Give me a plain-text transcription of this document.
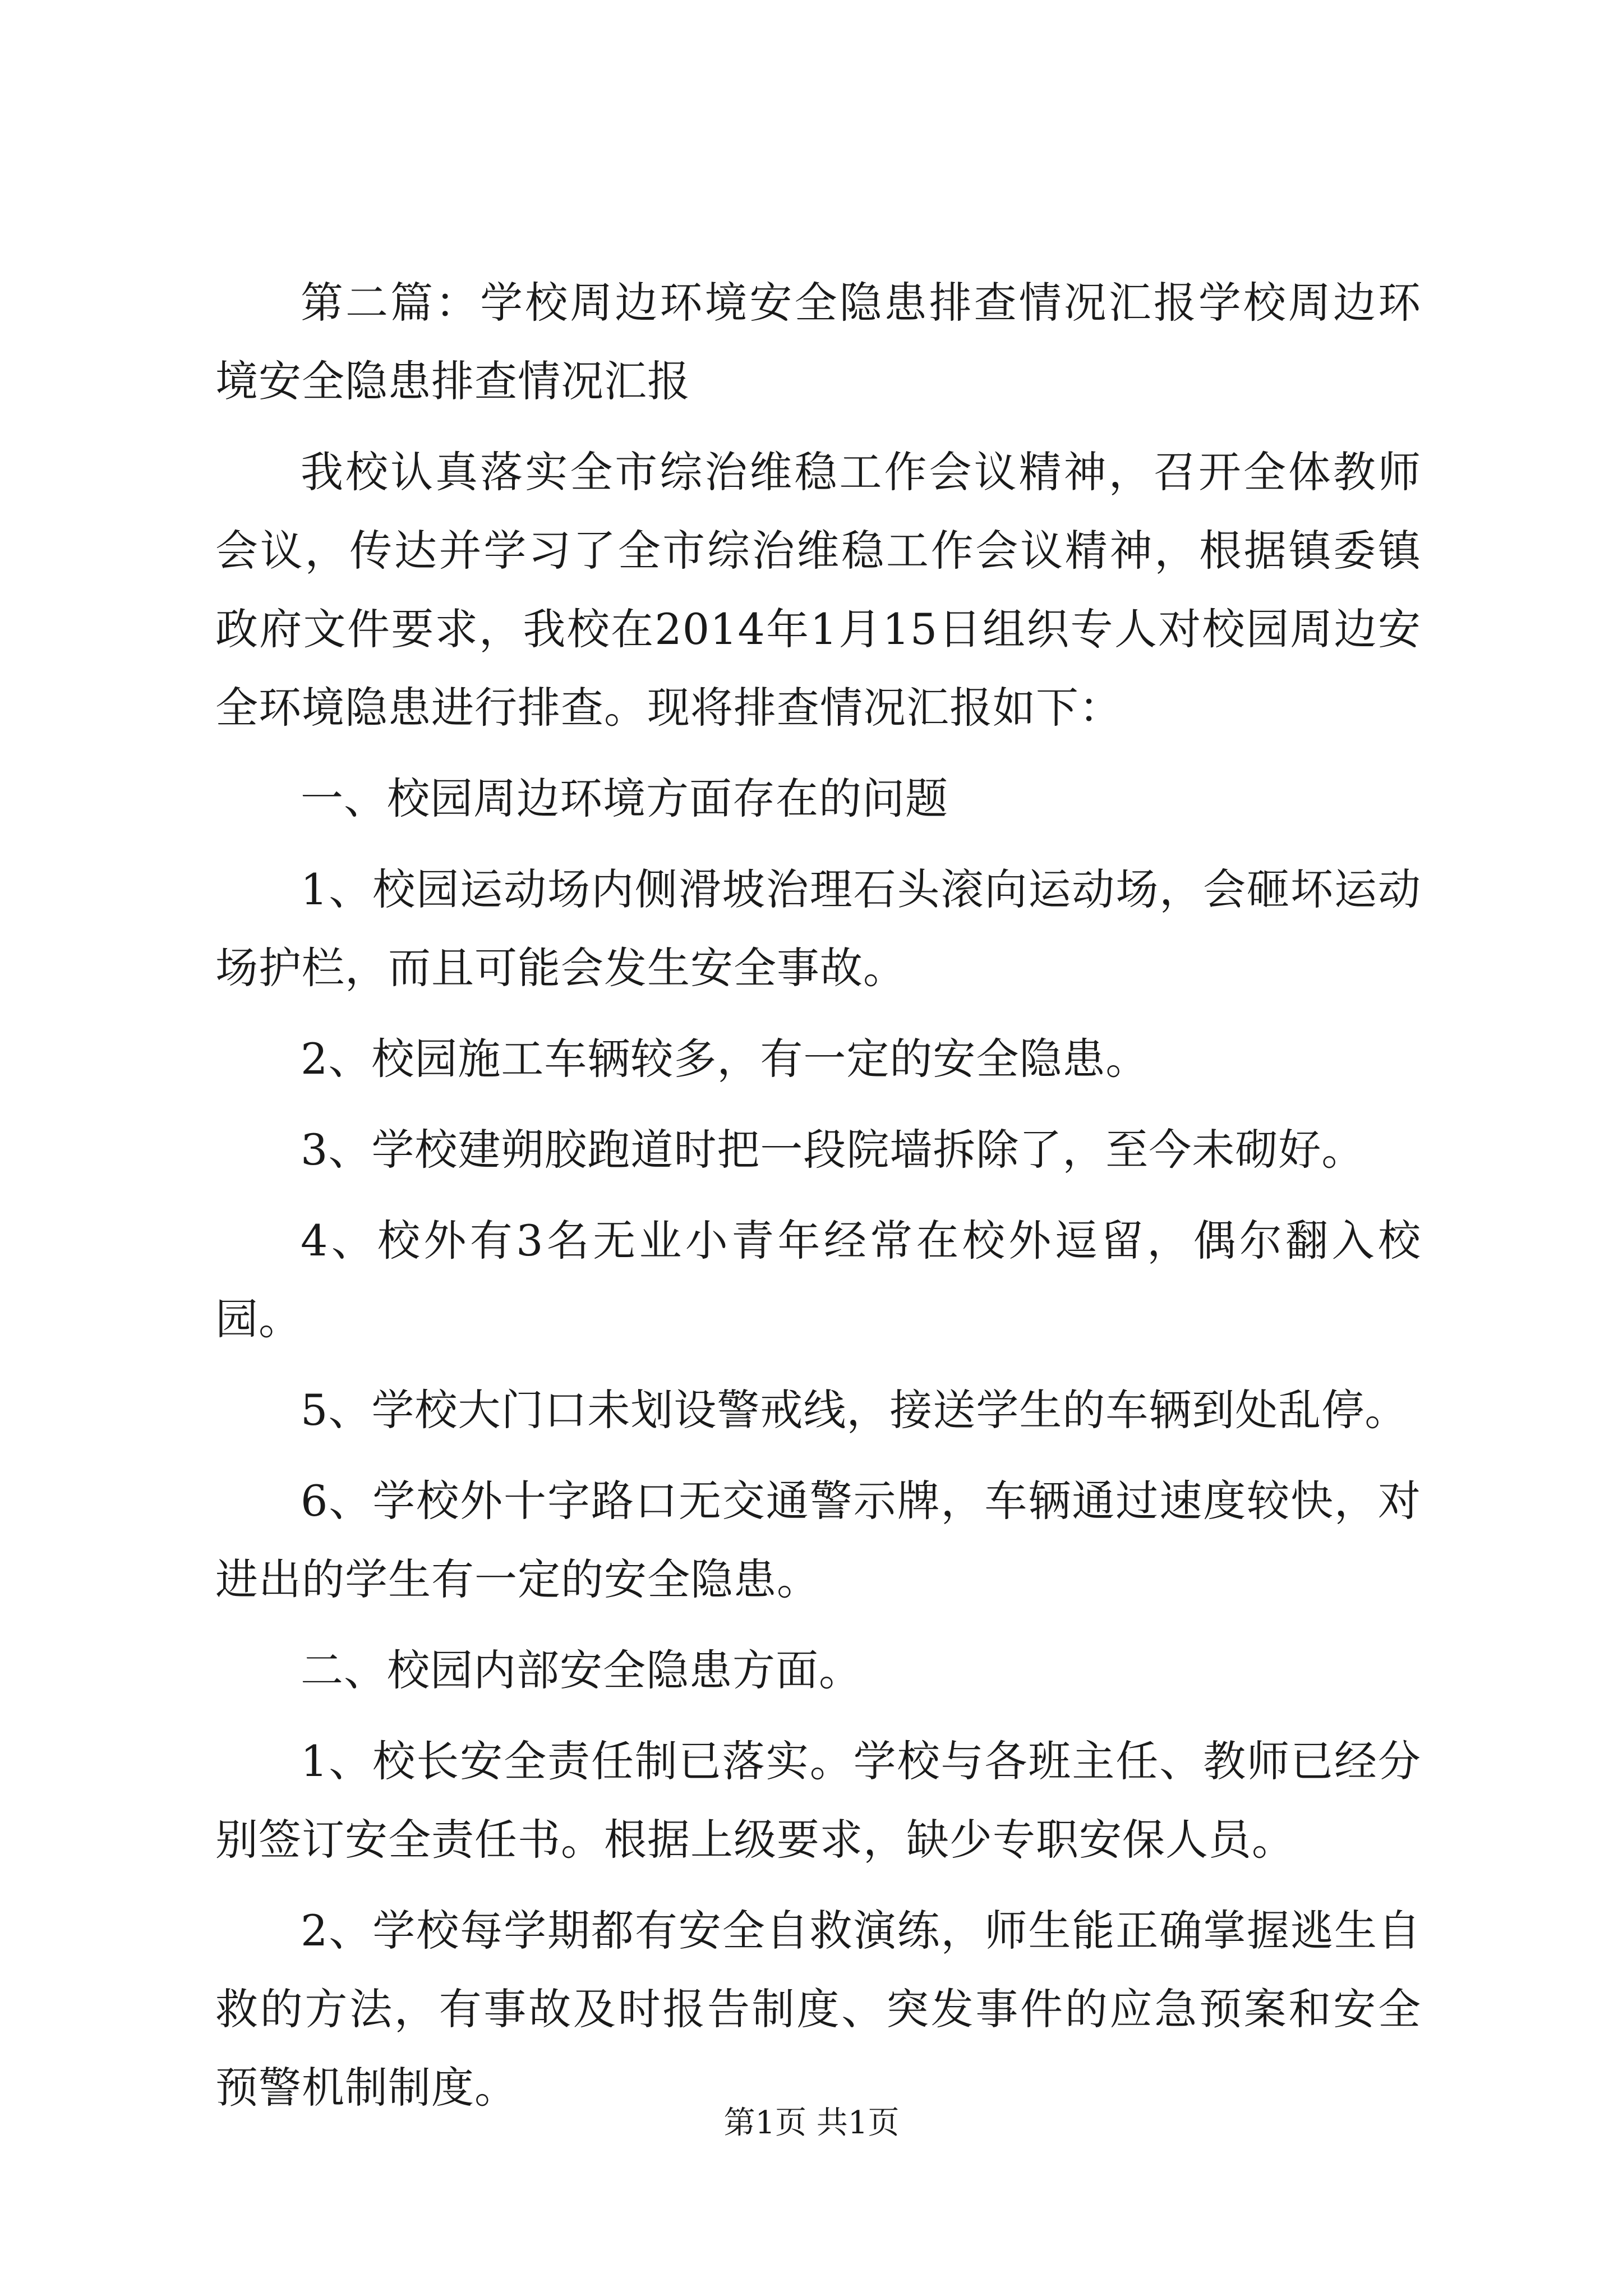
第二篇：学校周边环境安全隐患排查情况汇报学校周边环境安全隐患排查情况汇报

我校认真落实全市综治维稳工作会议精神，召开全体教师会议，传达并学习了全市综治维稳工作会议精神，根据镇委镇政府文件要求，我校在2014年1月15日组织专人对校园周边安全环境隐患进行排查。现将排查情况汇报如下：

一、校园周边环境方面存在的问题

1、校园运动场内侧滑坡治理石头滚向运动场，会砸坏运动场护栏，而且可能会发生安全事故。

2、校园施工车辆较多，有一定的安全隐患。

3、学校建朔胶跑道时把一段院墙拆除了，至今未砌好。

4、校外有3名无业小青年经常在校外逗留，偶尔翻入校园。

5、学校大门口未划设警戒线，接送学生的车辆到处乱停。

6、学校外十字路口无交通警示牌，车辆通过速度较快，对进出的学生有一定的安全隐患。

二、校园内部安全隐患方面。

1、校长安全责任制已落实。学校与各班主任、教师已经分别签订安全责任书。根据上级要求，缺少专职安保人员。

2、学校每学期都有安全自救演练，师生能正确掌握逃生自救的方法，有事故及时报告制度、突发事件的应急预案和安全预警机制制度。

第1页 共1页
